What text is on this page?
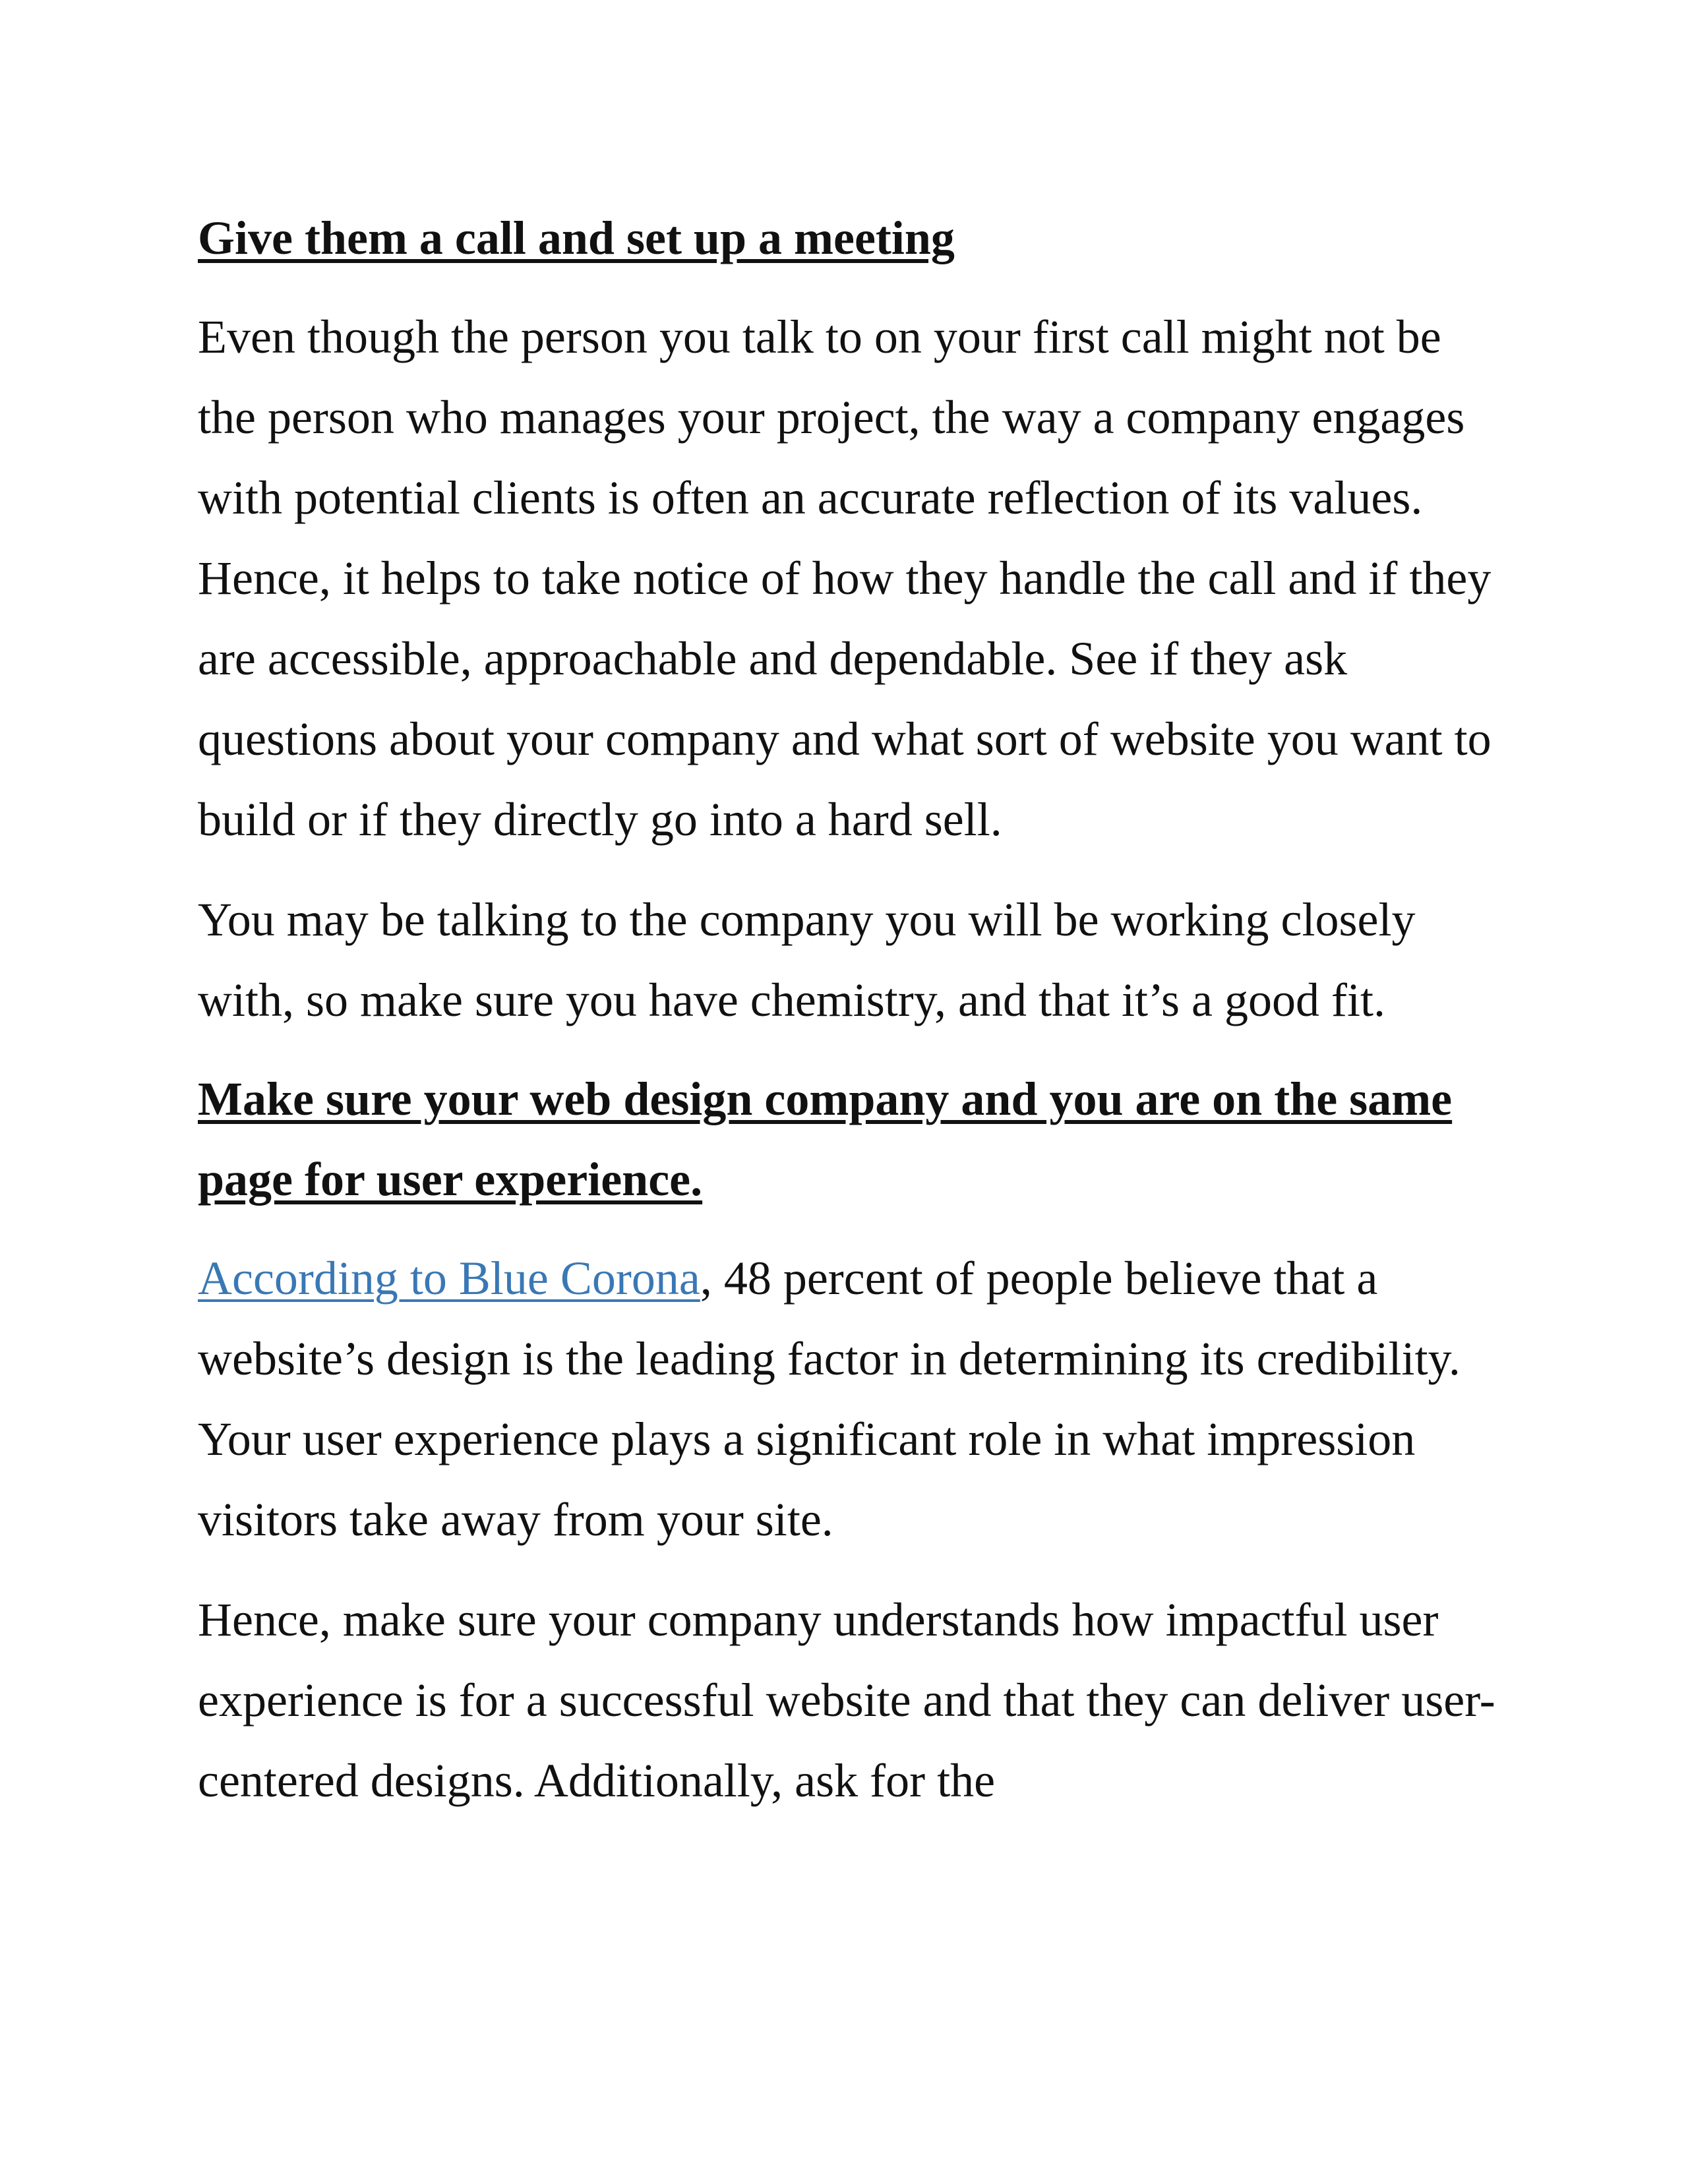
Give them a call and set up a meeting

Even though the person you talk to on your first call might not be the person who manages your project, the way a company engages with potential clients is often an accurate reflection of its values. Hence, it helps to take notice of how they handle the call and if they are accessible, approachable and dependable. See if they ask questions about your company and what sort of website you want to build or if they directly go into a hard sell.

You may be talking to the company you will be working closely with, so make sure you have chemistry, and that it’s a good fit.

Make sure your web design company and you are on the same page for user experience.

According to Blue Corona, 48 percent of people believe that a website’s design is the leading factor in determining its credibility. Your user experience plays a significant role in what impression visitors take away from your site.

Hence, make sure your company understands how impactful user experience is for a successful website and that they can deliver user-centered designs. Additionally, ask for the
